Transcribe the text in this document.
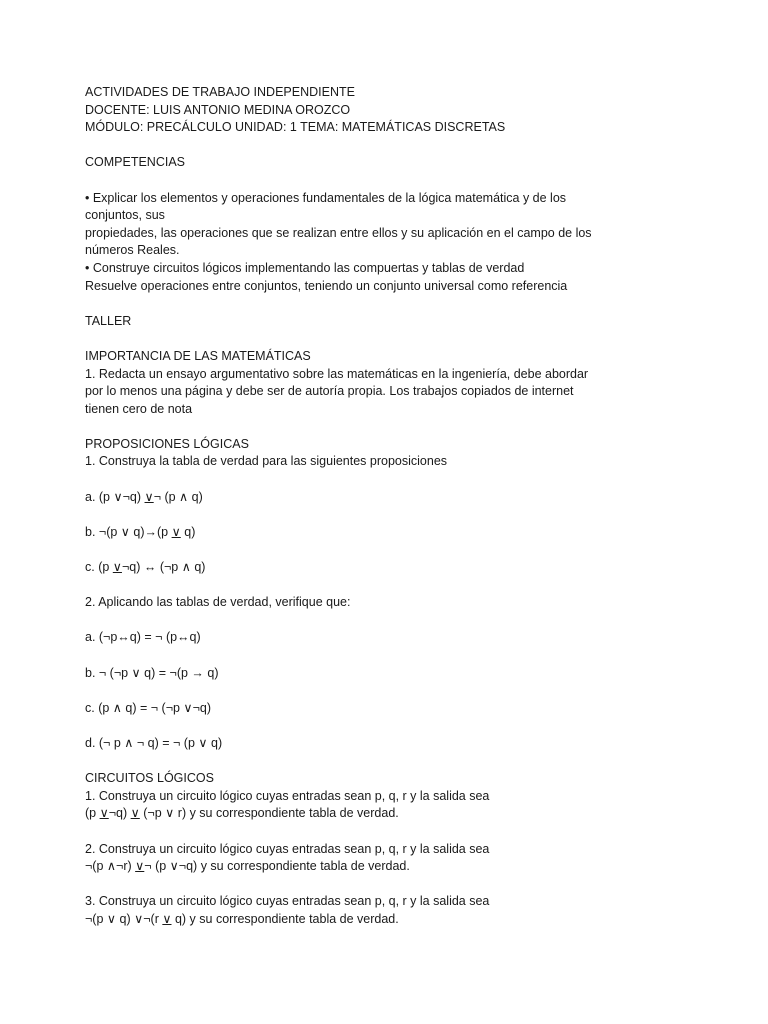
ACTIVIDADES DE TRABAJO INDEPENDIENTE
DOCENTE: LUIS ANTONIO MEDINA OROZCO
MÓDULO: PRECÁLCULO UNIDAD: 1 TEMA: MATEMÁTICAS DISCRETAS
COMPETENCIAS
• Explicar los elementos y operaciones fundamentales de la lógica matemática y de los
conjuntos, sus
propiedades, las operaciones que se realizan entre ellos y su aplicación en el campo de los
números Reales.
• Construye circuitos lógicos implementando las compuertas y tablas de verdad
Resuelve operaciones entre conjuntos, teniendo un conjunto universal como referencia
TALLER
IMPORTANCIA DE LAS MATEMÁTICAS
1. Redacta un ensayo argumentativo sobre las matemáticas en la ingeniería, debe abordar
por lo menos una página y debe ser de autoría propia. Los trabajos copiados de internet
tienen cero de nota
PROPOSICIONES LÓGICAS
1. Construya la tabla de verdad para las siguientes proposiciones
a. (p ∨¬q) ∨¬ (p ∧ q)
b. ¬(p ∨ q)→(p ∨ q)
c. (p ∨¬q) ↔ (¬p ∧ q)
2. Aplicando las tablas de verdad, verifique que:
a. (¬p↔q) = ¬ (p↔q)
b. ¬ (¬p ∨ q) = ¬(p → q)
c. (p ∧ q) = ¬ (¬p ∨¬q)
d. (¬ p ∧ ¬ q) = ¬ (p ∨ q)
CIRCUITOS LÓGICOS
1. Construya un circuito lógico cuyas entradas sean p, q, r y la salida sea
(p ∨¬q) ∨ (¬p ∨ r) y su correspondiente tabla de verdad.
2. Construya un circuito lógico cuyas entradas sean p, q, r y la salida sea
¬(p ∧¬r) ∨¬ (p ∨¬q) y su correspondiente tabla de verdad.
3. Construya un circuito lógico cuyas entradas sean p, q, r y la salida sea
¬(p ∨ q) ∨¬(r ∨ q) y su correspondiente tabla de verdad.
